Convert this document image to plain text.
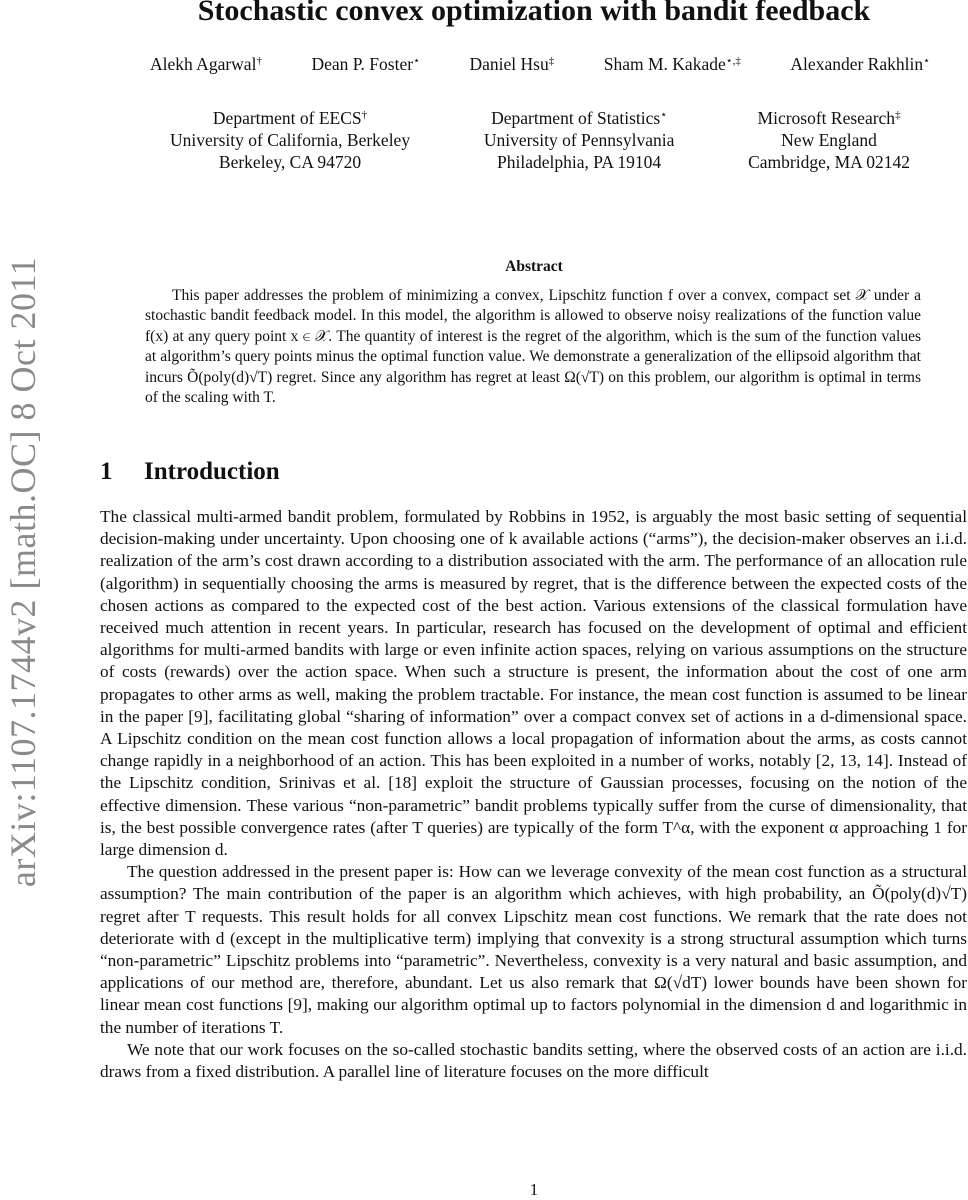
arXiv:1107.1744v2 [math.OC] 8 Oct 2011
Stochastic convex optimization with bandit feedback
Alekh Agarwal†	Dean P. Foster⋆	Daniel Hsu‡	Sham M. Kakade⋆,‡	Alexander Rakhlin⋆
Department of EECS†
University of California, Berkeley
Berkeley, CA 94720
Department of Statistics⋆
University of Pennsylvania
Philadelphia, PA 19104
Microsoft Research‡
New England
Cambridge, MA 02142
Abstract

This paper addresses the problem of minimizing a convex, Lipschitz function f over a convex, compact set 𝒳 under a stochastic bandit feedback model. In this model, the algorithm is allowed to observe noisy realizations of the function value f(x) at any query point x ∈ 𝒳. The quantity of interest is the regret of the algorithm, which is the sum of the function values at algorithm’s query points minus the optimal function value. We demonstrate a generalization of the ellipsoid algorithm that incurs Õ(poly(d)√T) regret. Since any algorithm has regret at least Ω(√T) on this problem, our algorithm is optimal in terms of the scaling with T.

1 Introduction

The classical multi-armed bandit problem, formulated by Robbins in 1952, is arguably the most basic setting of sequential decision-making under uncertainty. Upon choosing one of k available actions (“arms”), the decision-maker observes an i.i.d. realization of the arm’s cost drawn according to a distribution associated with the arm. The performance of an allocation rule (algorithm) in sequentially choosing the arms is measured by regret, that is the difference between the expected costs of the chosen actions as compared to the expected cost of the best action. Various extensions of the classical formulation have received much attention in recent years. In particular, research has focused on the development of optimal and efficient algorithms for multi-armed bandits with large or even infinite action spaces, relying on various assumptions on the structure of costs (rewards) over the action space. When such a structure is present, the information about the cost of one arm propagates to other arms as well, making the problem tractable. For instance, the mean cost function is assumed to be linear in the paper [9], facilitating global “sharing of information” over a compact convex set of actions in a d-dimensional space. A Lipschitz condition on the mean cost function allows a local propagation of information about the arms, as costs cannot change rapidly in a neighborhood of an action. This has been exploited in a number of works, notably [2, 13, 14]. Instead of the Lipschitz condition, Srinivas et al. [18] exploit the structure of Gaussian processes, focusing on the notion of the effective dimension. These various “non-parametric” bandit problems typically suffer from the curse of dimensionality, that is, the best possible convergence rates (after T queries) are typically of the form T^α, with the exponent α approaching 1 for large dimension d.

The question addressed in the present paper is: How can we leverage convexity of the mean cost function as a structural assumption? The main contribution of the paper is an algorithm which achieves, with high probability, an Õ(poly(d)√T) regret after T requests. This result holds for all convex Lipschitz mean cost functions. We remark that the rate does not deteriorate with d (except in the multiplicative term) implying that convexity is a strong structural assumption which turns “non-parametric” Lipschitz problems into “parametric”. Nevertheless, convexity is a very natural and basic assumption, and applications of our method are, therefore, abundant. Let us also remark that Ω(√dT) lower bounds have been shown for linear mean cost functions [9], making our algorithm optimal up to factors polynomial in the dimension d and logarithmic in the number of iterations T.

We note that our work focuses on the so-called stochastic bandits setting, where the observed costs of an action are i.i.d. draws from a fixed distribution. A parallel line of literature focuses on the more difficult

1
